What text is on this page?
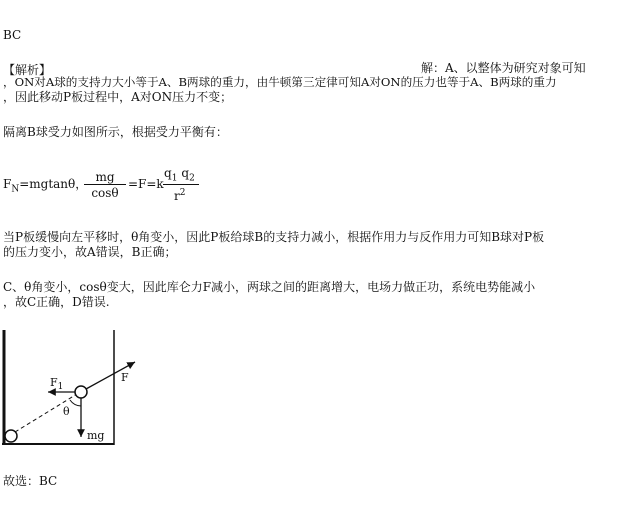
BC
【解析】	解：A、以整体为研究对象可知
，ON对A球的支持力大小等于A、B两球的重力，由牛顿第三定律可知A对ON的压力也等于A、B两球的重力
，因此移动P板过程中，A对ON压力不变；
隔离B球受力如图所示，根据受力平衡有：
$F_N=mgtan\theta$， mg
cosθ
=F=k
$q_1$ $q_2$
$r^2$
当P板缓慢向左平移时，θ角变小，因此P板给球B的支持力减小，根据作用力与反作用力可知B球对P板
的压力变小，故A错误，B正确；
C、θ角变小，cosθ变大，因此库仑力F减小，两球之间的距离增大，电场力做正功，系统电势能减小
，故C正确，D错误.
$F_1$
F
θ
mg
故选：BC
